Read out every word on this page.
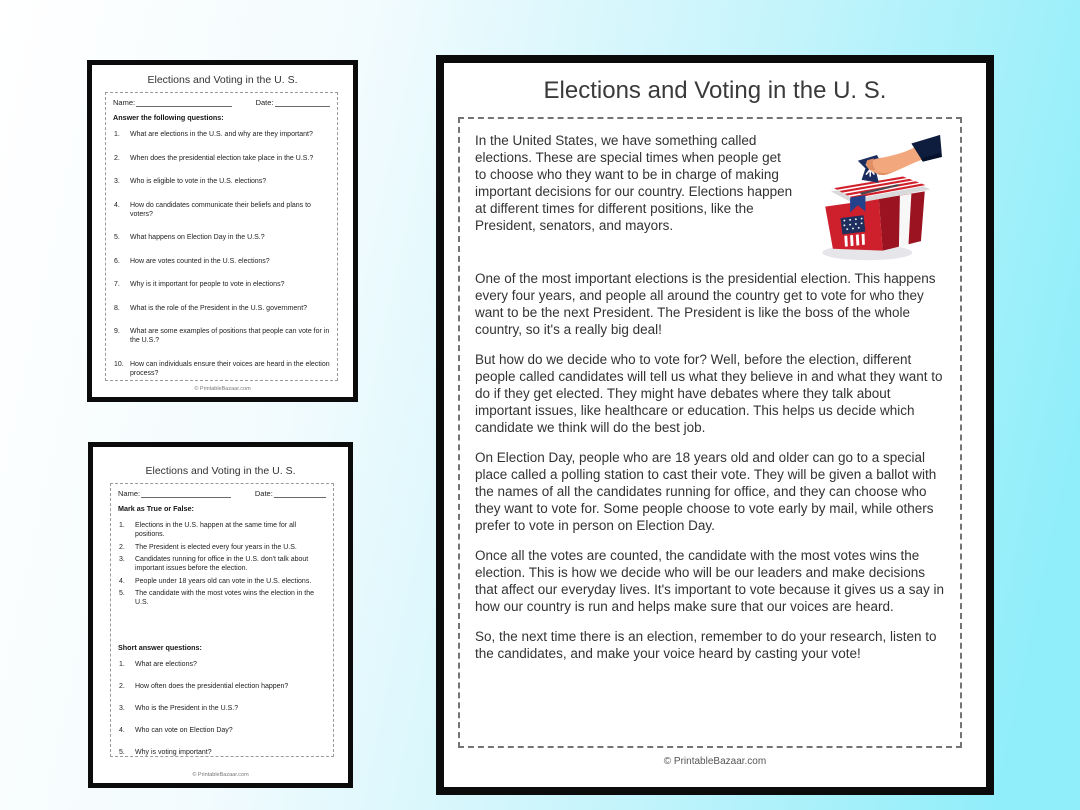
Elections and Voting in the U. S.
Name:	Date:
Answer the following questions:
What are elections in the U.S. and why are they important?
When does the presidential election take place in the U.S.?
Who is eligible to vote in the U.S. elections?
How do candidates communicate their beliefs and plans to voters?
What happens on Election Day in the U.S.?
How are votes counted in the U.S. elections?
Why is it important for people to vote in elections?
What is the role of the President in the U.S. government?
What are some examples of positions that people can vote for in the U.S.?
How can individuals ensure their voices are heard in the election process?
© PrintableBazaar.com
Elections and Voting in the U. S.
Name:	Date:
Mark as True or False:
Elections in the U.S. happen at the same time for all positions.
The President is elected every four years in the U.S.
Candidates running for office in the U.S. don't talk about important issues before the election.
People under 18 years old can vote in the U.S. elections.
The candidate with the most votes wins the election in the U.S.
Short answer questions:
What are elections?
How often does the presidential election happen?
Who is the President in the U.S.?
Who can vote on Election Day?
Why is voting important?
© PrintableBazaar.com
Elections and Voting in the U. S.

In the United States, we have something called elections. These are special times when people get to choose who they want to be in charge of making important decisions for our country. Elections happen at different times for different positions, like the President, senators, and mayors.

One of the most important elections is the presidential election. This happens every four years, and people all around the country get to vote for who they want to be the next President. The President is like the boss of the whole country, so it's a really big deal!

But how do we decide who to vote for? Well, before the election, different people called candidates will tell us what they believe in and what they want to do if they get elected. They might have debates where they talk about important issues, like healthcare or education. This helps us decide which candidate we think will do the best job.

On Election Day, people who are 18 years old and older can go to a special place called a polling station to cast their vote. They will be given a ballot with the names of all the candidates running for office, and they can choose who they want to vote for. Some people choose to vote early by mail, while others prefer to vote in person on Election Day.

Once all the votes are counted, the candidate with the most votes wins the election. This is how we decide who will be our leaders and make decisions that affect our everyday lives. It's important to vote because it gives us a say in how our country is run and helps make sure that our voices are heard.

So, the next time there is an election, remember to do your research, listen to the candidates, and make your voice heard by casting your vote!

© PrintableBazaar.com
